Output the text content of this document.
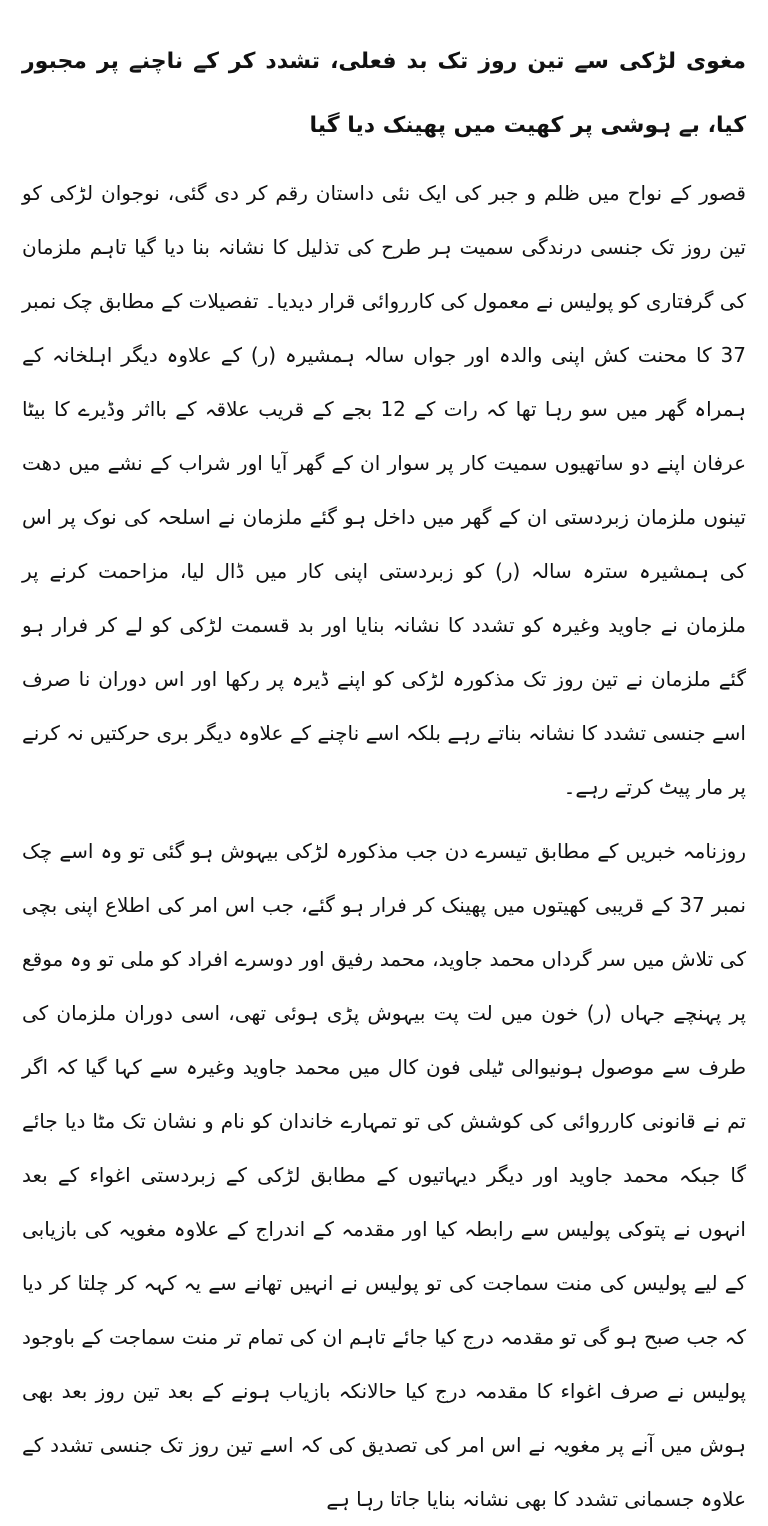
مغوی لڑکی سے تین روز تک بد فعلی، تشدد کر کے ناچنے پر مجبور کیا، بے ہوشی پر کھیت میں پھینک دیا گیا

قصور کے نواح میں ظلم و جبر کی ایک نئی داستان رقم کر دی گئی، نوجوان لڑکی کو تین روز تک جنسی درندگی سمیت ہر طرح کی تذلیل کا نشانہ بنا دیا گیا تاہم ملزمان کی گرفتاری کو پولیس نے معمول کی کارروائی قرار دیدیا۔ تفصیلات کے مطابق چک نمبر 37 کا محنت کش اپنی والدہ اور جواں سالہ ہمشیرہ (ر) کے علاوہ دیگر اہلخانہ کے ہمراہ گھر میں سو رہا تھا کہ رات کے 12 بجے کے قریب علاقہ کے بااثر وڈیرے کا بیٹا عرفان اپنے دو ساتھیوں سمیت کار پر سوار ان کے گھر آیا اور شراب کے نشے میں دھت تینوں ملزمان زبردستی ان کے گھر میں داخل ہو گئے ملزمان نے اسلحہ کی نوک پر اس کی ہمشیرہ سترہ سالہ (ر) کو زبردستی اپنی کار میں ڈال لیا، مزاحمت کرنے پر ملزمان نے جاوید وغیرہ کو تشدد کا نشانہ بنایا اور بد قسمت لڑکی کو لے کر فرار ہو گئے ملزمان نے تین روز تک مذکورہ لڑکی کو اپنے ڈیرہ پر رکھا اور اس دوران نا صرف اسے جنسی تشدد کا نشانہ بناتے رہے بلکہ اسے ناچنے کے علاوہ دیگر بری حرکتیں نہ کرنے پر مار پیٹ کرتے رہے۔

روزنامہ خبریں کے مطابق تیسرے دن جب مذکورہ لڑکی بیہوش ہو گئی تو وہ اسے چک نمبر 37 کے قریبی کھیتوں میں پھینک کر فرار ہو گئے، جب اس امر کی اطلاع اپنی بچی کی تلاش میں سر گرداں محمد جاوید، محمد رفیق اور دوسرے افراد کو ملی تو وہ موقع پر پہنچے جہاں (ر) خون میں لت پت بیہوش پڑی ہوئی تھی، اسی دوران ملزمان کی طرف سے موصول ہونیوالی ٹیلی فون کال میں محمد جاوید وغیرہ سے کہا گیا کہ اگر تم نے قانونی کارروائی کی کوشش کی تو تمہارے خاندان کو نام و نشان تک مٹا دیا جائے گا جبکہ محمد جاوید اور دیگر دیہاتیوں کے مطابق لڑکی کے زبردستی اغواء کے بعد انہوں نے پتوکی پولیس سے رابطہ کیا اور مقدمہ کے اندراج کے علاوہ مغویہ کی بازیابی کے لیے پولیس کی منت سماجت کی تو پولیس نے انہیں تھانے سے یہ کہہ کر چلتا کر دیا کہ جب صبح ہو گی تو مقدمہ درج کیا جائے تاہم ان کی تمام تر منت سماجت کے باوجود پولیس نے صرف اغواء کا مقدمہ درج کیا حالانکہ بازیاب ہونے کے بعد تین روز بعد بھی ہوش میں آنے پر مغویہ نے اس امر کی تصدیق کی کہ اسے تین روز تک جنسی تشدد کے علاوہ جسمانی تشدد کا بھی نشانہ بنایا جاتا رہا ہے
